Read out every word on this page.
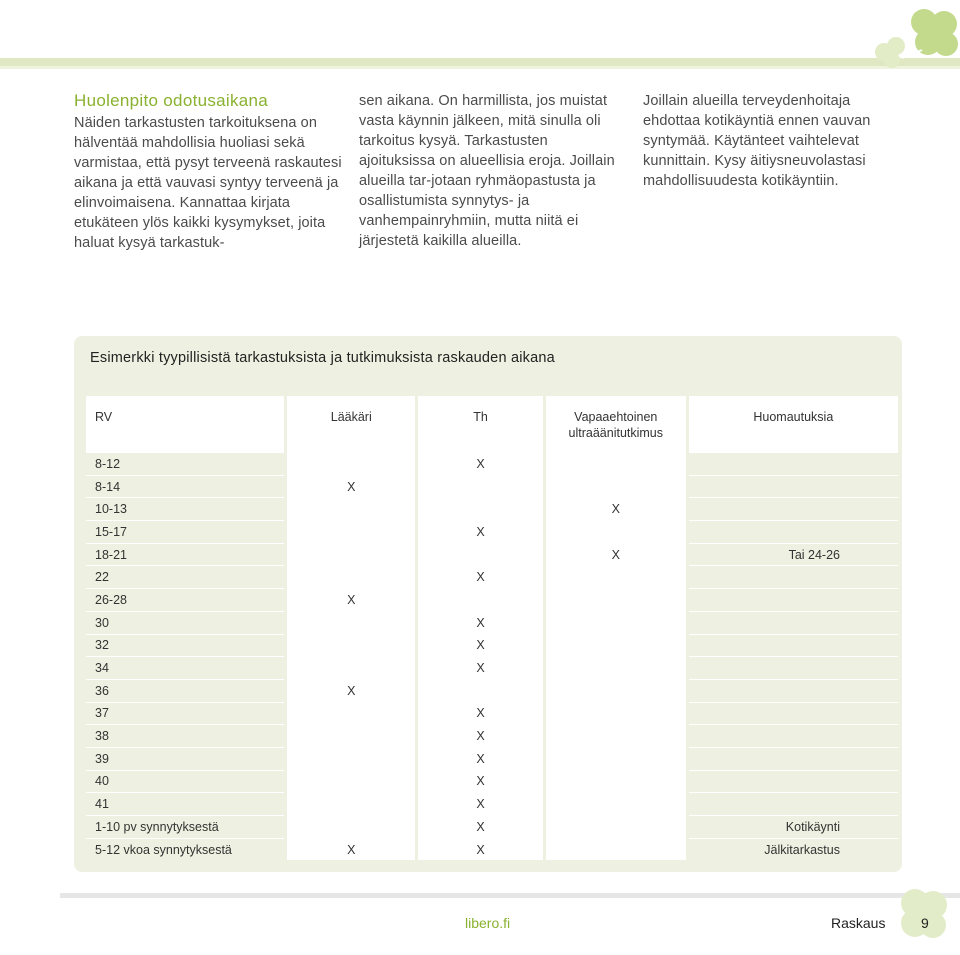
Huolenpito odotusaikana

Näiden tarkastusten tarkoituksena on hälventää mahdollisia huoliasi sekä varmistaa, että pysyt terveenä raskautesi aikana ja että vauvasi syntyy terveenä ja elinvoimaisena. Kannattaa kirjata etukäteen ylös kaikki kysymykset, joita haluat kysyä tarkastuk-

sen aikana. On harmillista, jos muistat vasta käynnin jälkeen, mitä sinulla oli tarkoitus kysyä. Tarkastusten ajoituksissa on alueellisia eroja. Joillain alueilla tar-jotaan ryhmäopastusta ja osallistumista synnytys- ja vanhempainryhmiin, mutta niitä ei järjestetä kaikilla alueilla.

Joillain alueilla terveydenhoitaja ehdottaa kotikäyntiä ennen vauvan syntymää. Käytänteet vaihtelevat kunnittain. Kysy äitiysneuvolastasi mahdollisuudesta kotikäyntiin.

Esimerkki tyypillisistä tarkastuksista ja tutkimuksista raskauden aikana
RV	Lääkäri	Th	Vapaaehtoinen ultraäänitutkimus	Huomautuksia
8-12		X		
8-14	X			
10-13			X	
15-17		X		
18-21			X	Tai 24-26
22		X		
26-28	X			
30		X		
32		X		
34		X		
36	X			
37		X		
38		X		
39		X		
40		X		
41		X		
1-10 pv synnytyksestä		X		Kotikäynti
5-12 vkoa synnytyksestä	X	X		Jälkitarkastus
libero.fi	Raskaus	9
